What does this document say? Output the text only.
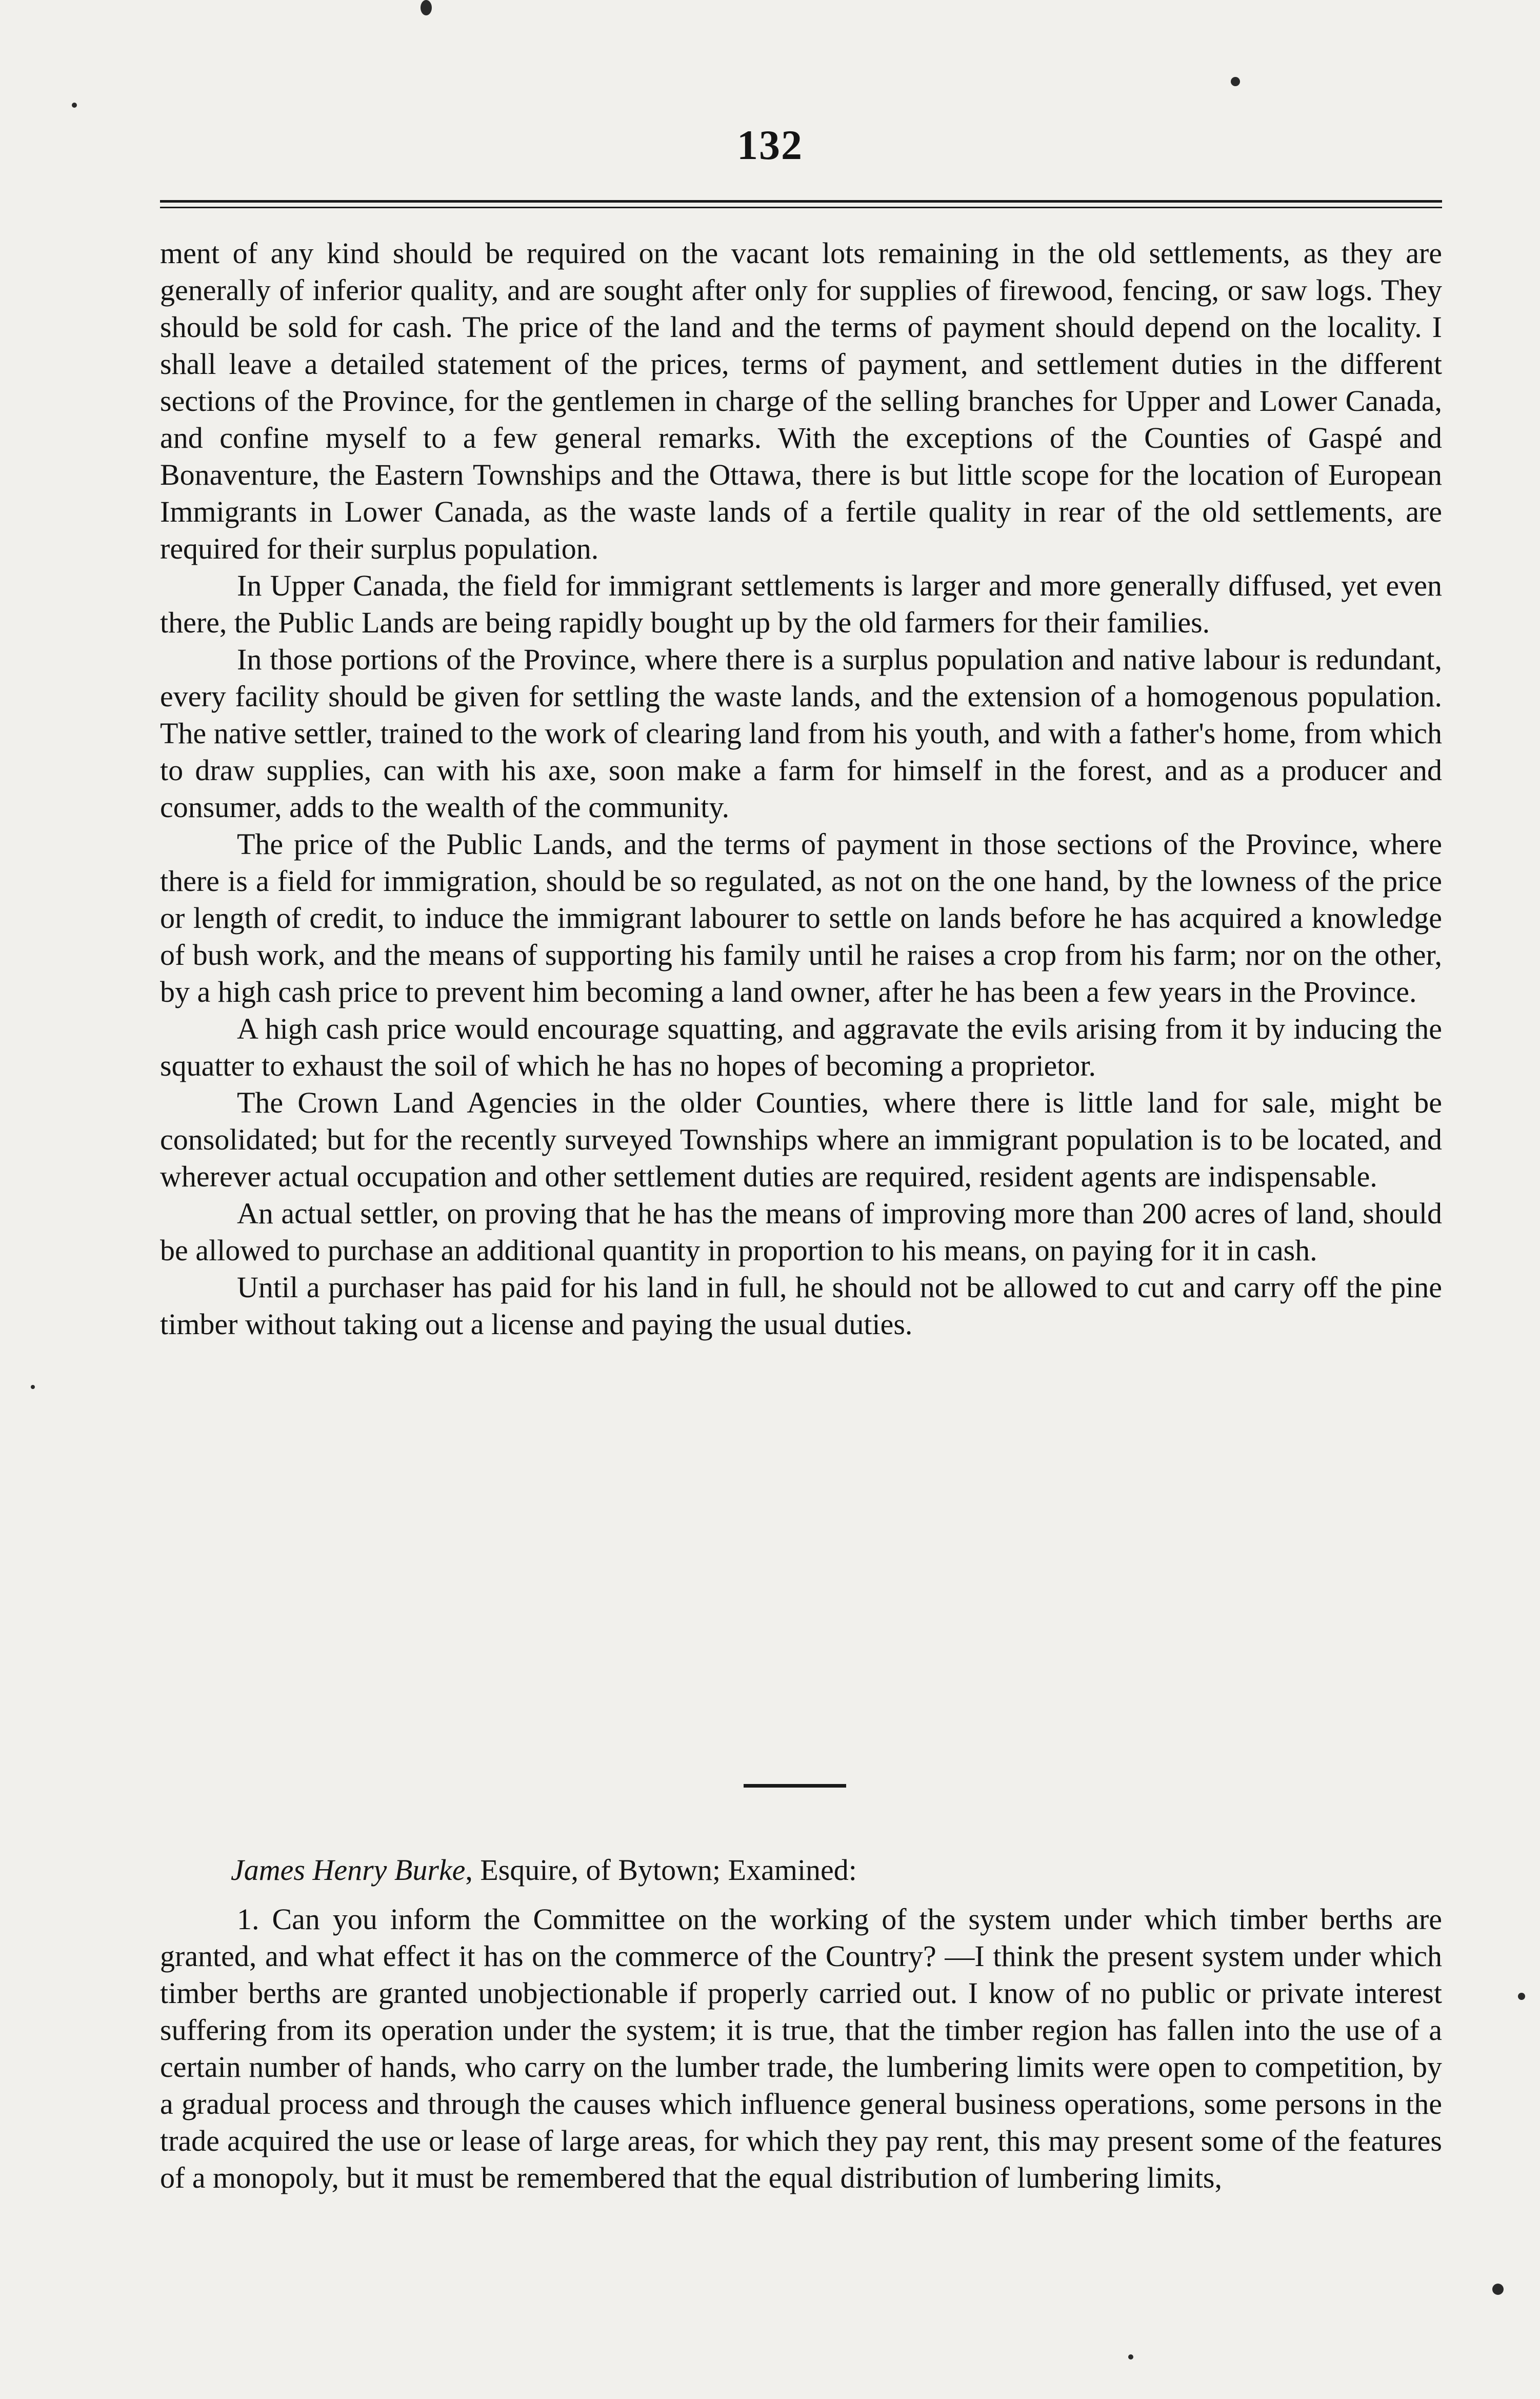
132

ment of any kind should be required on the vacant lots remaining in the old settlements, as they are generally of inferior quality, and are sought after only for supplies of firewood, fencing, or saw logs. They should be sold for cash. The price of the land and the terms of payment should depend on the locality. I shall leave a detailed statement of the prices, terms of payment, and settlement duties in the different sections of the Province, for the gentlemen in charge of the selling branches for Upper and Lower Canada, and confine myself to a few general remarks. With the exceptions of the Counties of Gaspé and Bonaventure, the Eastern Townships and the Ottawa, there is but little scope for the location of European Immigrants in Lower Canada, as the waste lands of a fertile quality in rear of the old settlements, are required for their surplus population.

In Upper Canada, the field for immigrant settlements is larger and more generally diffused, yet even there, the Public Lands are being rapidly bought up by the old farmers for their families.

In those portions of the Province, where there is a surplus population and native labour is redundant, every facility should be given for settling the waste lands, and the extension of a homogenous population. The native settler, trained to the work of clearing land from his youth, and with a father's home, from which to draw supplies, can with his axe, soon make a farm for himself in the forest, and as a producer and consumer, adds to the wealth of the community.

The price of the Public Lands, and the terms of payment in those sections of the Province, where there is a field for immigration, should be so regulated, as not on the one hand, by the lowness of the price or length of credit, to induce the immigrant labourer to settle on lands before he has acquired a knowledge of bush work, and the means of supporting his family until he raises a crop from his farm; nor on the other, by a high cash price to prevent him becoming a land owner, after he has been a few years in the Province.

A high cash price would encourage squatting, and aggravate the evils arising from it by inducing the squatter to exhaust the soil of which he has no hopes of becoming a proprietor.

The Crown Land Agencies in the older Counties, where there is little land for sale, might be consolidated; but for the recently surveyed Townships where an immigrant population is to be located, and wherever actual occupation and other settlement duties are required, resident agents are indispensable.

An actual settler, on proving that he has the means of improving more than 200 acres of land, should be allowed to purchase an additional quantity in proportion to his means, on paying for it in cash.

Until a purchaser has paid for his land in full, he should not be allowed to cut and carry off the pine timber without taking out a license and paying the usual duties.

James Henry Burke, Esquire, of Bytown; Examined:

1. Can you inform the Committee on the working of the system under which timber berths are granted, and what effect it has on the commerce of the Country? —I think the present system under which timber berths are granted unobjectionable if properly carried out. I know of no public or private interest suffering from its operation under the system; it is true, that the timber region has fallen into the use of a certain number of hands, who carry on the lumber trade, the lumbering limits were open to competition, by a gradual process and through the causes which influence general business operations, some persons in the trade acquired the use or lease of large areas, for which they pay rent, this may present some of the features of a monopoly, but it must be remembered that the equal distribution of lumbering limits,
